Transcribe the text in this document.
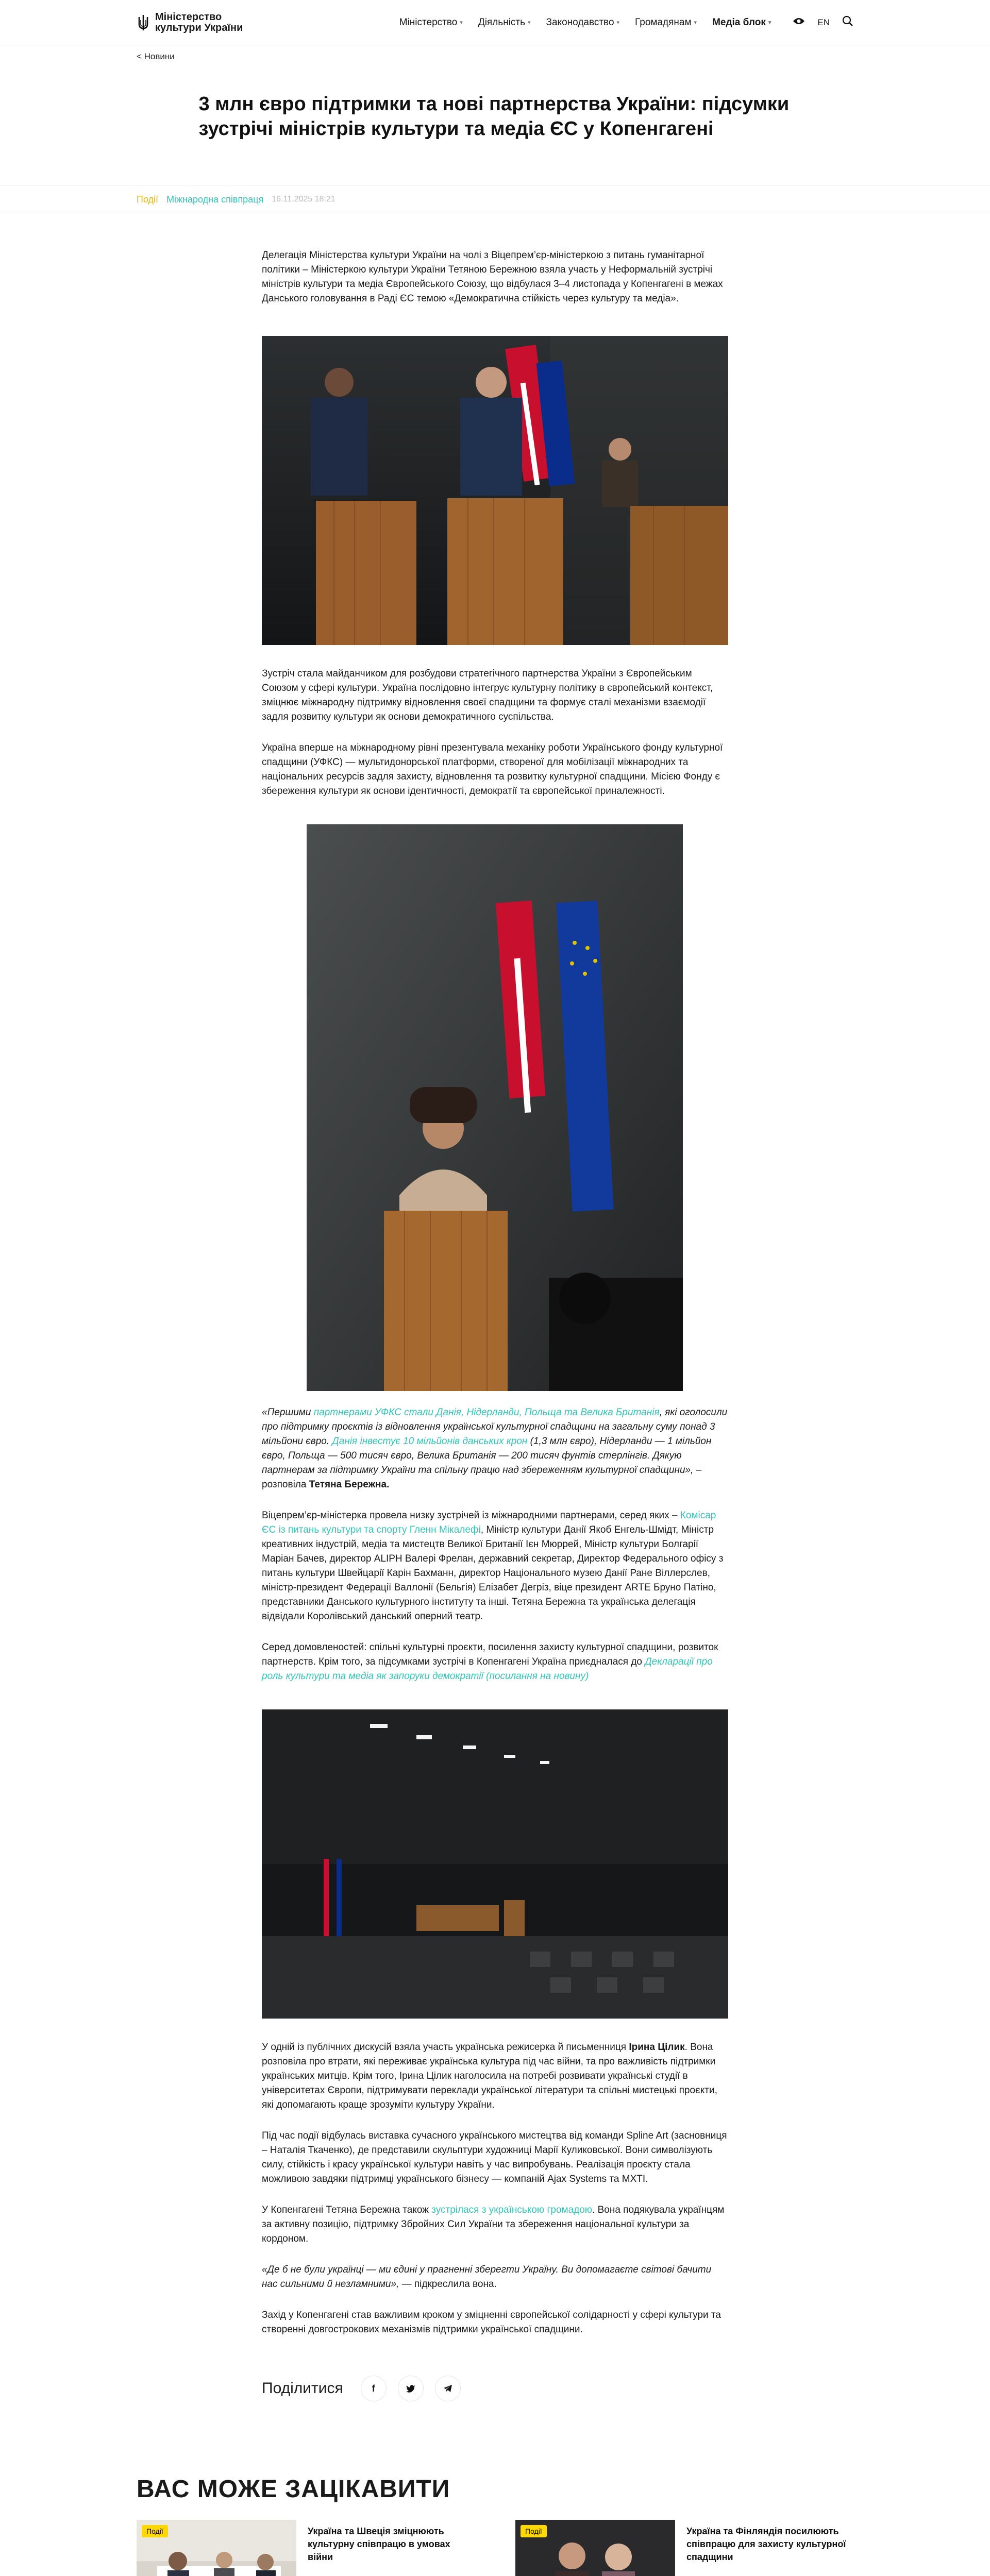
Міністерство
культури України	Міністерство ▾ Діяльність ▾ Законодавство ▾ Громадянам ▾ Медіа блок ▾	EN
< Новини
3 млн євро підтримки та нові партнерства України: підсумки зустрічі міністрів культури та медіа ЄС у Копенгагені
Події Міжнародна співпраця 16.11.2025 18:21

Делегація Міністерства культури України на чолі з Віцепрем’єр-міністеркою з питань гуманітарної політики – Міністеркою культури України Тетяною Бережною взяла участь у Неформальній зустрічі міністрів культури та медіа Європейського Союзу, що відбулася 3–4 листопада у Копенгагені в межах Данського головування в Раді ЄС темою «Демократична стійкість через культуру та медіа».

Зустріч стала майданчиком для розбудови стратегічного партнерства України з Європейським Союзом у сфері культури. Україна послідовно інтегрує культурну політику в європейський контекст, зміцнює міжнародну підтримку відновлення своєї спадщини та формує сталі механізми взаємодії задля розвитку культури як основи демократичного суспільства.

Україна вперше на міжнародному рівні презентувала механіку роботи Українського фонду культурної спадщини (УФКС) — мультидонорської платформи, створеної для мобілізації міжнародних та національних ресурсів задля захисту, відновлення та розвитку культурної спадщини. Місією Фонду є збереження культури як основи ідентичності, демократії та європейської приналежності.

«Першими партнерами УФКС стали Данія, Нідерланди, Польща та Велика Британія, які оголосили про підтримку проєктів із відновлення української культурної спадщини на загальну суму понад 3 мільйони євро. Данія інвестує 10 мільйонів данських крон (1,3 млн євро), Нідерланди — 1 мільйон євро, Польща — 500 тисяч євро, Велика Британія — 200 тисяч фунтів стерлінгів. Дякую партнерам за підтримку України та спільну працю над збереженням культурної спадщини», – розповіла Тетяна Бережна.

Віцепрем’єр-міністерка провела низку зустрічей із міжнародними партнерами, серед яких – Комісар ЄС із питань культури та спорту Гленн Мікалефі, Міністр культури Данії Якоб Енгель-Шмідт, Міністр креативних індустрій, медіа та мистецтв Великої Британії Ієн Мюррей, Міністр культури Болгарії Маріан Бачев, директор ALIPH Валері Фрелан, державний секретар, Директор Федерального офісу з питань культури Швейцарії Карін Бахманн, директор Національного музею Данії Ране Віллерслев, міністр-президент Федерації Валлонії (Бельгія) Елізабет Дегріз, віце президент ARTE Бруно Патіно, представники Данського культурного інституту та інші. Тетяна Бережна та українська делегація відвідали Королівський данський оперний театр.

Серед домовленостей: спільні культурні проєкти, посилення захисту культурної спадщини, розвиток партнерств. Крім того, за підсумками зустрічі в Копенгагені Україна приєдналася до Декларації про роль культури та медіа як запоруки демократії (посилання на новину)

У одній із публічних дискусій взяла участь українська режисерка й письменниця Ірина Цілик. Вона розповіла про втрати, які переживає українська культура під час війни, та про важливість підтримки українських митців. Крім того, Ірина Цілик наголосила на потребі розвивати українські студії в університетах Європи, підтримувати переклади української літератури та спільні мистецькі проєкти, які допомагають краще зрозуміти культуру України.

Під час події відбулась виставка сучасного українського мистецтва від команди Spline Art (засновниця – Наталія Ткаченко), де представили скульптури художниці Марії Куликовської. Вони символізують силу, стійкість і красу української культури навіть у час випробувань. Реалізація проєкту стала можливою завдяки підтримці українського бізнесу — компаній Ajax Systems та MXTI.

У Копенгагені Тетяна Бережна також зустрілася з українською громадою. Вона подякувала українцям за активну позицію, підтримку Збройних Сил України та збереження національної культури за кордоном.

«Де б не були українці — ми єдині у прагненні зберегти Україну. Ви допомагаєте світові бачити нас сильними й незламними», — підкреслила вона.

Захід у Копенгагені став важливим кроком у зміцненні європейської солідарності у сфері культури та створенні довгострокових механізмів підтримки української спадщини.

Поділитися	f
ВАС МОЖЕ ЗАЦІКАВИТИ
Події	Україна та Швеція зміцнюють культурну співпрацю в умовах війни
Події	Україна та Фінляндія посилюють співпрацю для захисту культурної спадщини
